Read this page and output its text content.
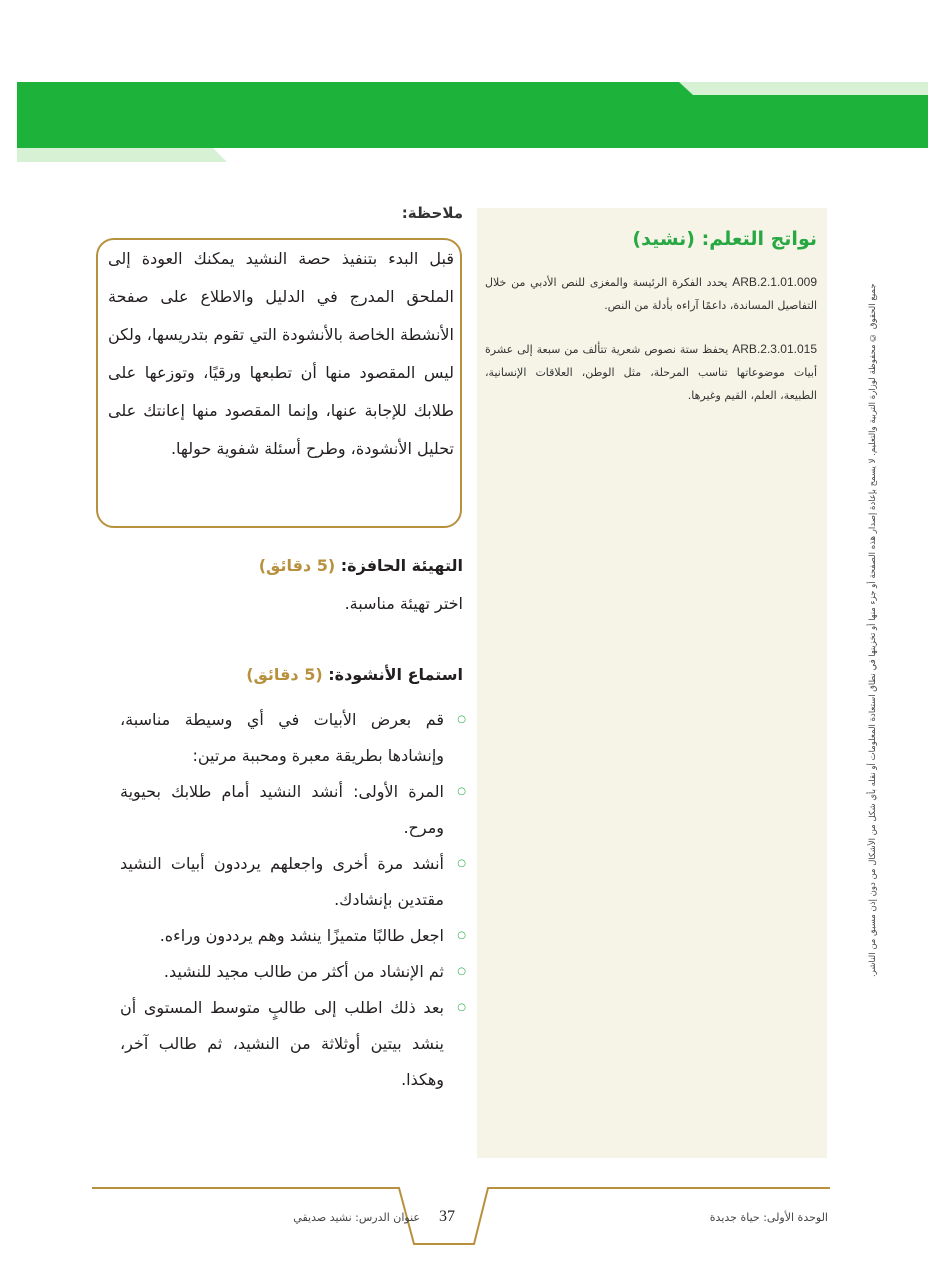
نواتج التعلم: (نشيد)

ARB.2.1.01.009 يحدد الفكرة الرئيسة والمغزى للنص الأدبي من خلال التفاصيل المساندة، داعمًا آراءه بأدلة من النص.

ARB.2.3.01.015 يحفظ ستة نصوص شعرية تتألف من سبعة إلى عشرة أبيات موضوعاتها تناسب المرحلة، مثل الوطن، العلاقات الإنسانية، الطبيعة، العلم، القيم وغيرها.	جميع الحقوق © محفوظة لوزارة التربية والتعليم. لا يسمح بإعادة إصدار هذه الصفحة أو جزء منها أو تخزينها في نطاق استعادة المعلومات أو نقله بأي شكل من الأشكال من دون إذن مسبق من الناشر.
ملاحظة:

قبل البدء بتنفيذ حصة النشيد يمكنك العودة إلى الملحق المدرج في الدليل والاطلاع على صفحة الأنشطة الخاصة بالأنشودة التي تقوم بتدريسها، ولكن ليس المقصود منها أن تطبعها ورقيًا، وتوزعها على طلابك للإجابة عنها، وإنما المقصود منها إعانتك على تحليل الأنشودة، وطرح أسئلة شفوية حولها.

التهيئة الحافزة: (5 دقائق)

اختر تهيئة مناسبة.

استماع الأنشودة: (5 دقائق)
○
قم بعرض الأبيات في أي وسيطة مناسبة، وإنشادها بطريقة معبرة ومحببة مرتين:
○
المرة الأولى: أنشد النشيد أمام طلابك بحيوية ومرح.
○
أنشد مرة أخرى واجعلهم يرددون أبيات النشيد مقتدين بإنشادك.
○
اجعل طالبًا متميزًا ينشد وهم يرددون وراءه.
○
ثم الإنشاد من أكثر من طالب مجيد للنشيد.
○
بعد ذلك اطلب إلى طالبٍ متوسط المستوى أن ينشد بيتين أوثلاثة من النشيد، ثم طالب آخر، وهكذا.

الوحدة الأولى: حياة جديدة

37

عنوان الدرس: نشيد صديقي
